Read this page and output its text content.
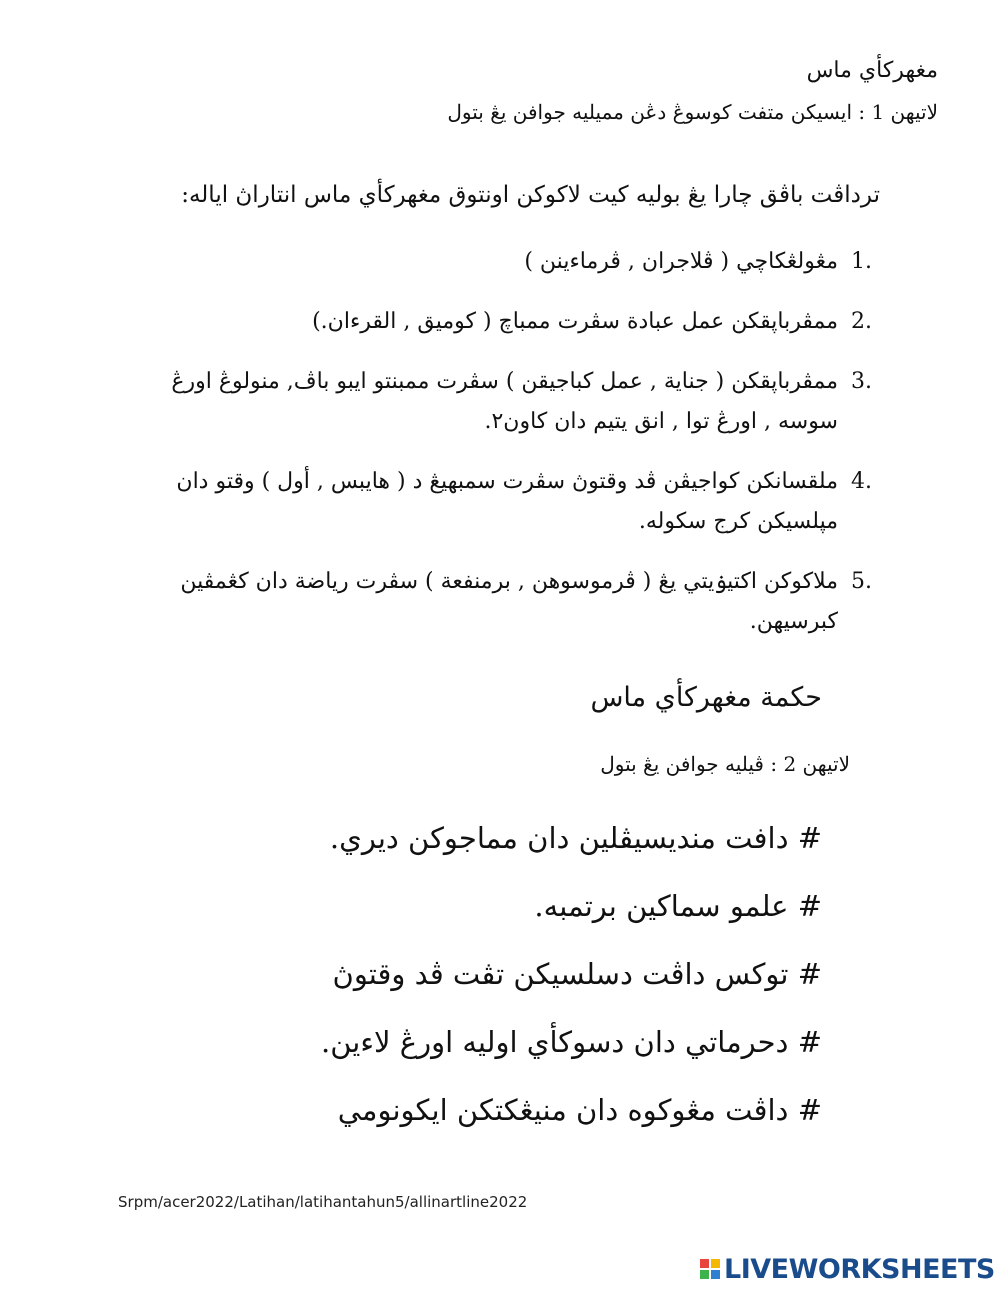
مغهركأي ماس
لاتيهن 1 : ايسيكن متفت كوسوڠ دڠن مميليه جوافن يڠ بتول
ترداڤت باڤق چارا يڠ بوليه كيت لاكوكن اونتوق مغهركأي ماس انتاراڽ اياله:
1.
مڠولڠكاچي ( ڤلاجران , ڤرماءينن )
2.
ممڤرباڽقكن عمل عبادة سڤرت ممباچ ( كوميق , القرءان.)
3.
ممڤرباڽقكن ( جناية , عمل كباجيقن ) سڤرت ممبنتو ايبو باڤ, منولوڠ اورڠ سوسه , اورڠ توا , انق يتيم دان كاون٢.
4.
ملقسانكن كواجيڤن ڤد وقتوڽ سڤرت سمبهيڠ د ( هايبس , أول ) وقتو دان مڽلسيكن كرج سكوله.
5.
ملاكوكن اكتيۏيتي يڠ ( ڤرموسوهن , برمنفعة ) سڤرت رياضة دان كڠمڤين كبرسيهن.
حكمة مغهركأي ماس
لاتيهن 2 : ڤيليه جوافن يڠ بتول
# دافت منديسيڤلين دان مماجوكن ديري.
# علمو سماكين برتمبه.
# توكس داڤت دسلسيكن تڤت ڤد وقتوڽ
# دحرماتي دان دسوكأي اوليه اورڠ لاءين.
# داڤت مڠوكوه دان منيڠكتكن ايكونومي
Srpm/acer2022/Latihan/latihantahun5/allinartline2022
LIVEWORKSHEETS
